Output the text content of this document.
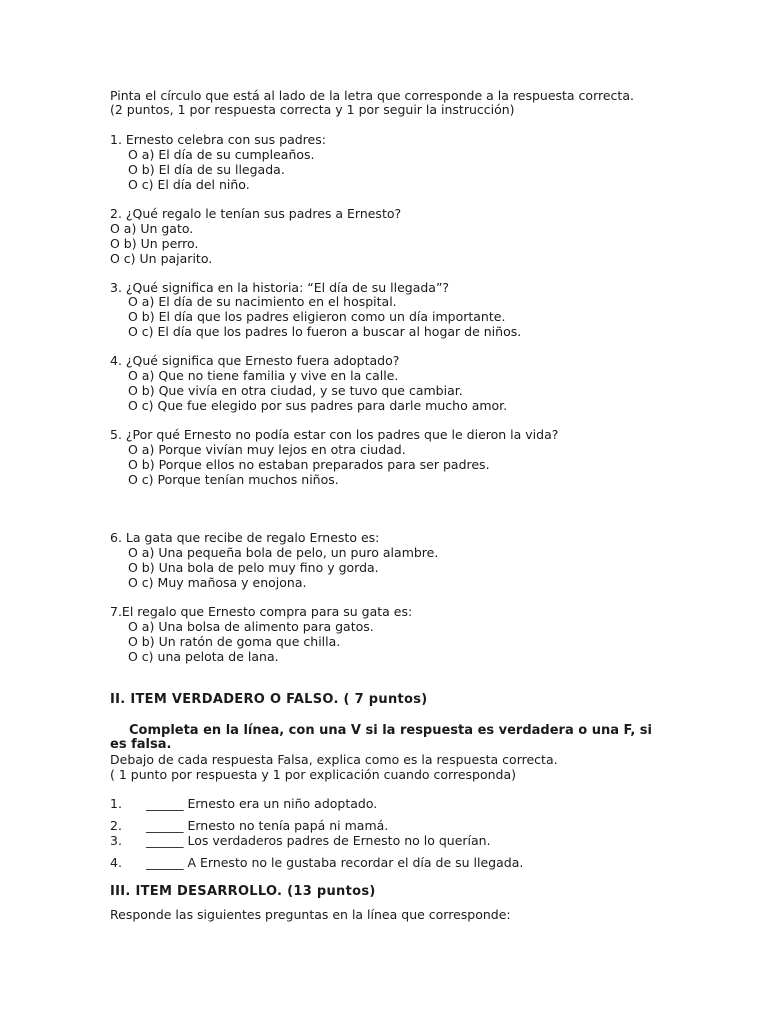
Pinta el círculo que está al lado de la letra que corresponde a la respuesta correcta.
(2 puntos, 1 por respuesta correcta y 1 por seguir la instrucción)
1. Ernesto celebra con sus padres:
O a) El día de su cumpleaños.
O b) El día de su llegada.
O c) El día del niño.
2. ¿Qué regalo le tenían sus padres a Ernesto?
O a) Un gato.
O b) Un perro.
O c) Un pajarito.
3. ¿Qué significa en la historia: “El día de su llegada”?
O a) El día de su nacimiento en el hospital.
O b) El día que los padres eligieron como un día importante.
O c) El día que los padres lo fueron a buscar al hogar de niños.
4. ¿Qué significa que Ernesto fuera adoptado?
O a) Que no tiene familia y vive en la calle.
O b) Que vivía en otra ciudad, y se tuvo que cambiar.
O c) Que fue elegido por sus padres para darle mucho amor.
5. ¿Por qué Ernesto no podía estar con los padres que le dieron la vida?
O a) Porque vivían muy lejos en otra ciudad.
O b) Porque ellos no estaban preparados para ser padres.
O c) Porque tenían muchos niños.
6. La gata que recibe de regalo Ernesto es:
O a) Una pequeña bola de pelo, un puro alambre.
O b) Una bola de pelo muy fino y gorda.
O c) Muy mañosa y enojona.
7.El regalo que Ernesto compra para su gata es:
O a) Una bolsa de alimento para gatos.
O b) Un ratón de goma que chilla.
O c) una pelota de lana.
II. ITEM VERDADERO O FALSO. ( 7 puntos)
Completa en la línea, con una V si la respuesta es verdadera o una F, si
es falsa.
Debajo de cada respuesta Falsa, explica como es la respuesta correcta.
( 1 punto por respuesta y 1 por explicación cuando corresponda)
1. ______ Ernesto era un niño adoptado.
2. ______ Ernesto no tenía papá ni mamá.
3. ______ Los verdaderos padres de Ernesto no lo querían.
4. ______ A Ernesto no le gustaba recordar el día de su llegada.
III. ITEM DESARROLLO. (13 puntos)
Responde las siguientes preguntas en la línea que corresponde:
